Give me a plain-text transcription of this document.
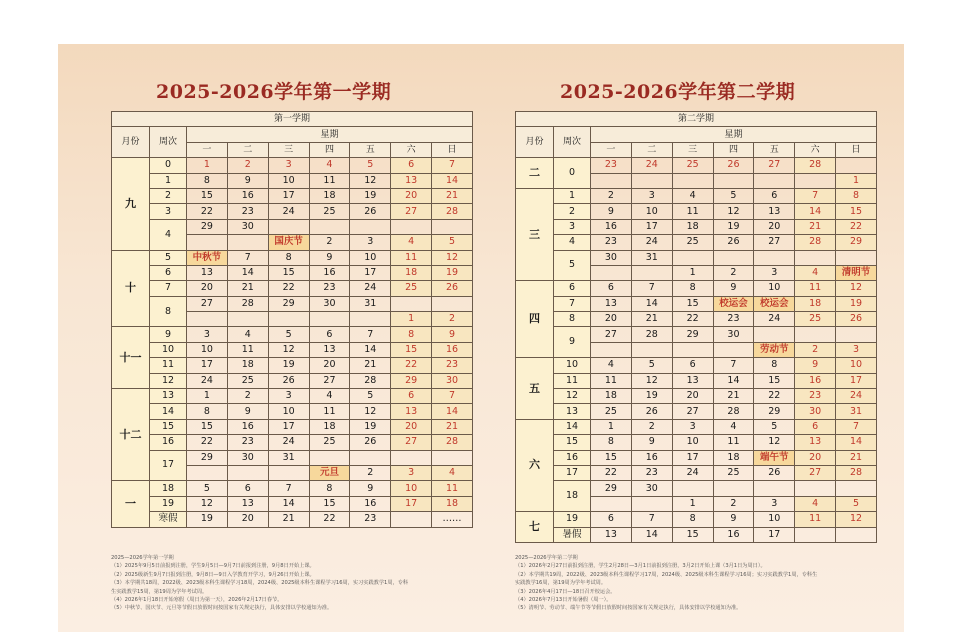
2025-2026学年第一学期	2025-2026学年第二学期
第一学期								
月份	周次	星期						
		一	二	三	四	五	六	日
九	0	1	2	3	4	5	6	7
	1	8	9	10	11	12	13	14
	2	15	16	17	18	19	20	21
	3	22	23	24	25	26	27	28
	4	29	30					
				国庆节	2	3	4	5
十	5	中秋节	7	8	9	10	11	12
	6	13	14	15	16	17	18	19
	7	20	21	22	23	24	25	26
	8	27	28	29	30	31		
							1	2
十一	9	3	4	5	6	7	8	9
	10	10	11	12	13	14	15	16
	11	17	18	19	20	21	22	23
	12	24	25	26	27	28	29	30
十二	13	1	2	3	4	5	6	7
	14	8	9	10	11	12	13	14
	15	15	16	17	18	19	20	21
	16	22	23	24	25	26	27	28
	17	29	30	31				
					元旦	2	3	4
一	18	5	6	7	8	9	10	11
	19	12	13	14	15	16	17	18
	寒假	19	20	21	22	23		……
第二学期								
月份	周次	星期						
		一	二	三	四	五	六	日
二	0	23	24	25	26	27	28	
								1
三	1	2	3	4	5	6	7	8
	2	9	10	11	12	13	14	15
	3	16	17	18	19	20	21	22
	4	23	24	25	26	27	28	29
	5	30	31					
				1	2	3	4	清明节
四	6	6	7	8	9	10	11	12
	7	13	14	15	校运会	校运会	18	19
	8	20	21	22	23	24	25	26
	9	27	28	29	30			
						劳动节	2	3
五	10	4	5	6	7	8	9	10
	11	11	12	13	14	15	16	17
	12	18	19	20	21	22	23	24
	13	25	26	27	28	29	30	31
六	14	1	2	3	4	5	6	7
	15	8	9	10	11	12	13	14
	16	15	16	17	18	端午节	20	21
	17	22	23	24	25	26	27	28
	18	29	30					
				1	2	3	4	5
七	19	6	7	8	9	10	11	12
	暑假	13	14	15	16	17		
2025—2026学年第一学期
（1）2025年9月5日前报到注册，学生9月5日—9月7日前报到注册，9月8日开始上课。
（2）2025级新生9月7日报到注册，9月8日—9日入学教育开学习，9月26日开始上课。
（3）本学期共18周，2022级、2023级本科生课程学习18周，2024级、2025级本科生课程学习16周，实习实践教学1周，专科
生实践教学15周，第19周为学年考试周。
（4）2026年1月18日开始寒假（周日为第一天），2026年2月17日春节。
（5）中秋节、国庆节、元旦等节假日放假时间按国家有关规定执行，具体安排以学校通知为准。
2025—2026学年第二学期
（1）2026年2月27日前报到注册，学生2月28日—3月1日前报到注册，3月2日开始上课（3月1日为周日）。
（2）本学期共19周，2022级、2023级本科生课程学习17周，2024级、2025级本科生课程学习16周；实习实践教学1周，专科生
实践教学16周，第19周为学年考试周。
（3）2026年4月17日—18日召开校运会。
（4）2026年7月13日开始暑假（周一）。
（5）清明节、劳动节、端午节等节假日放假时间按国家有关规定执行，具体安排以学校通知为准。
